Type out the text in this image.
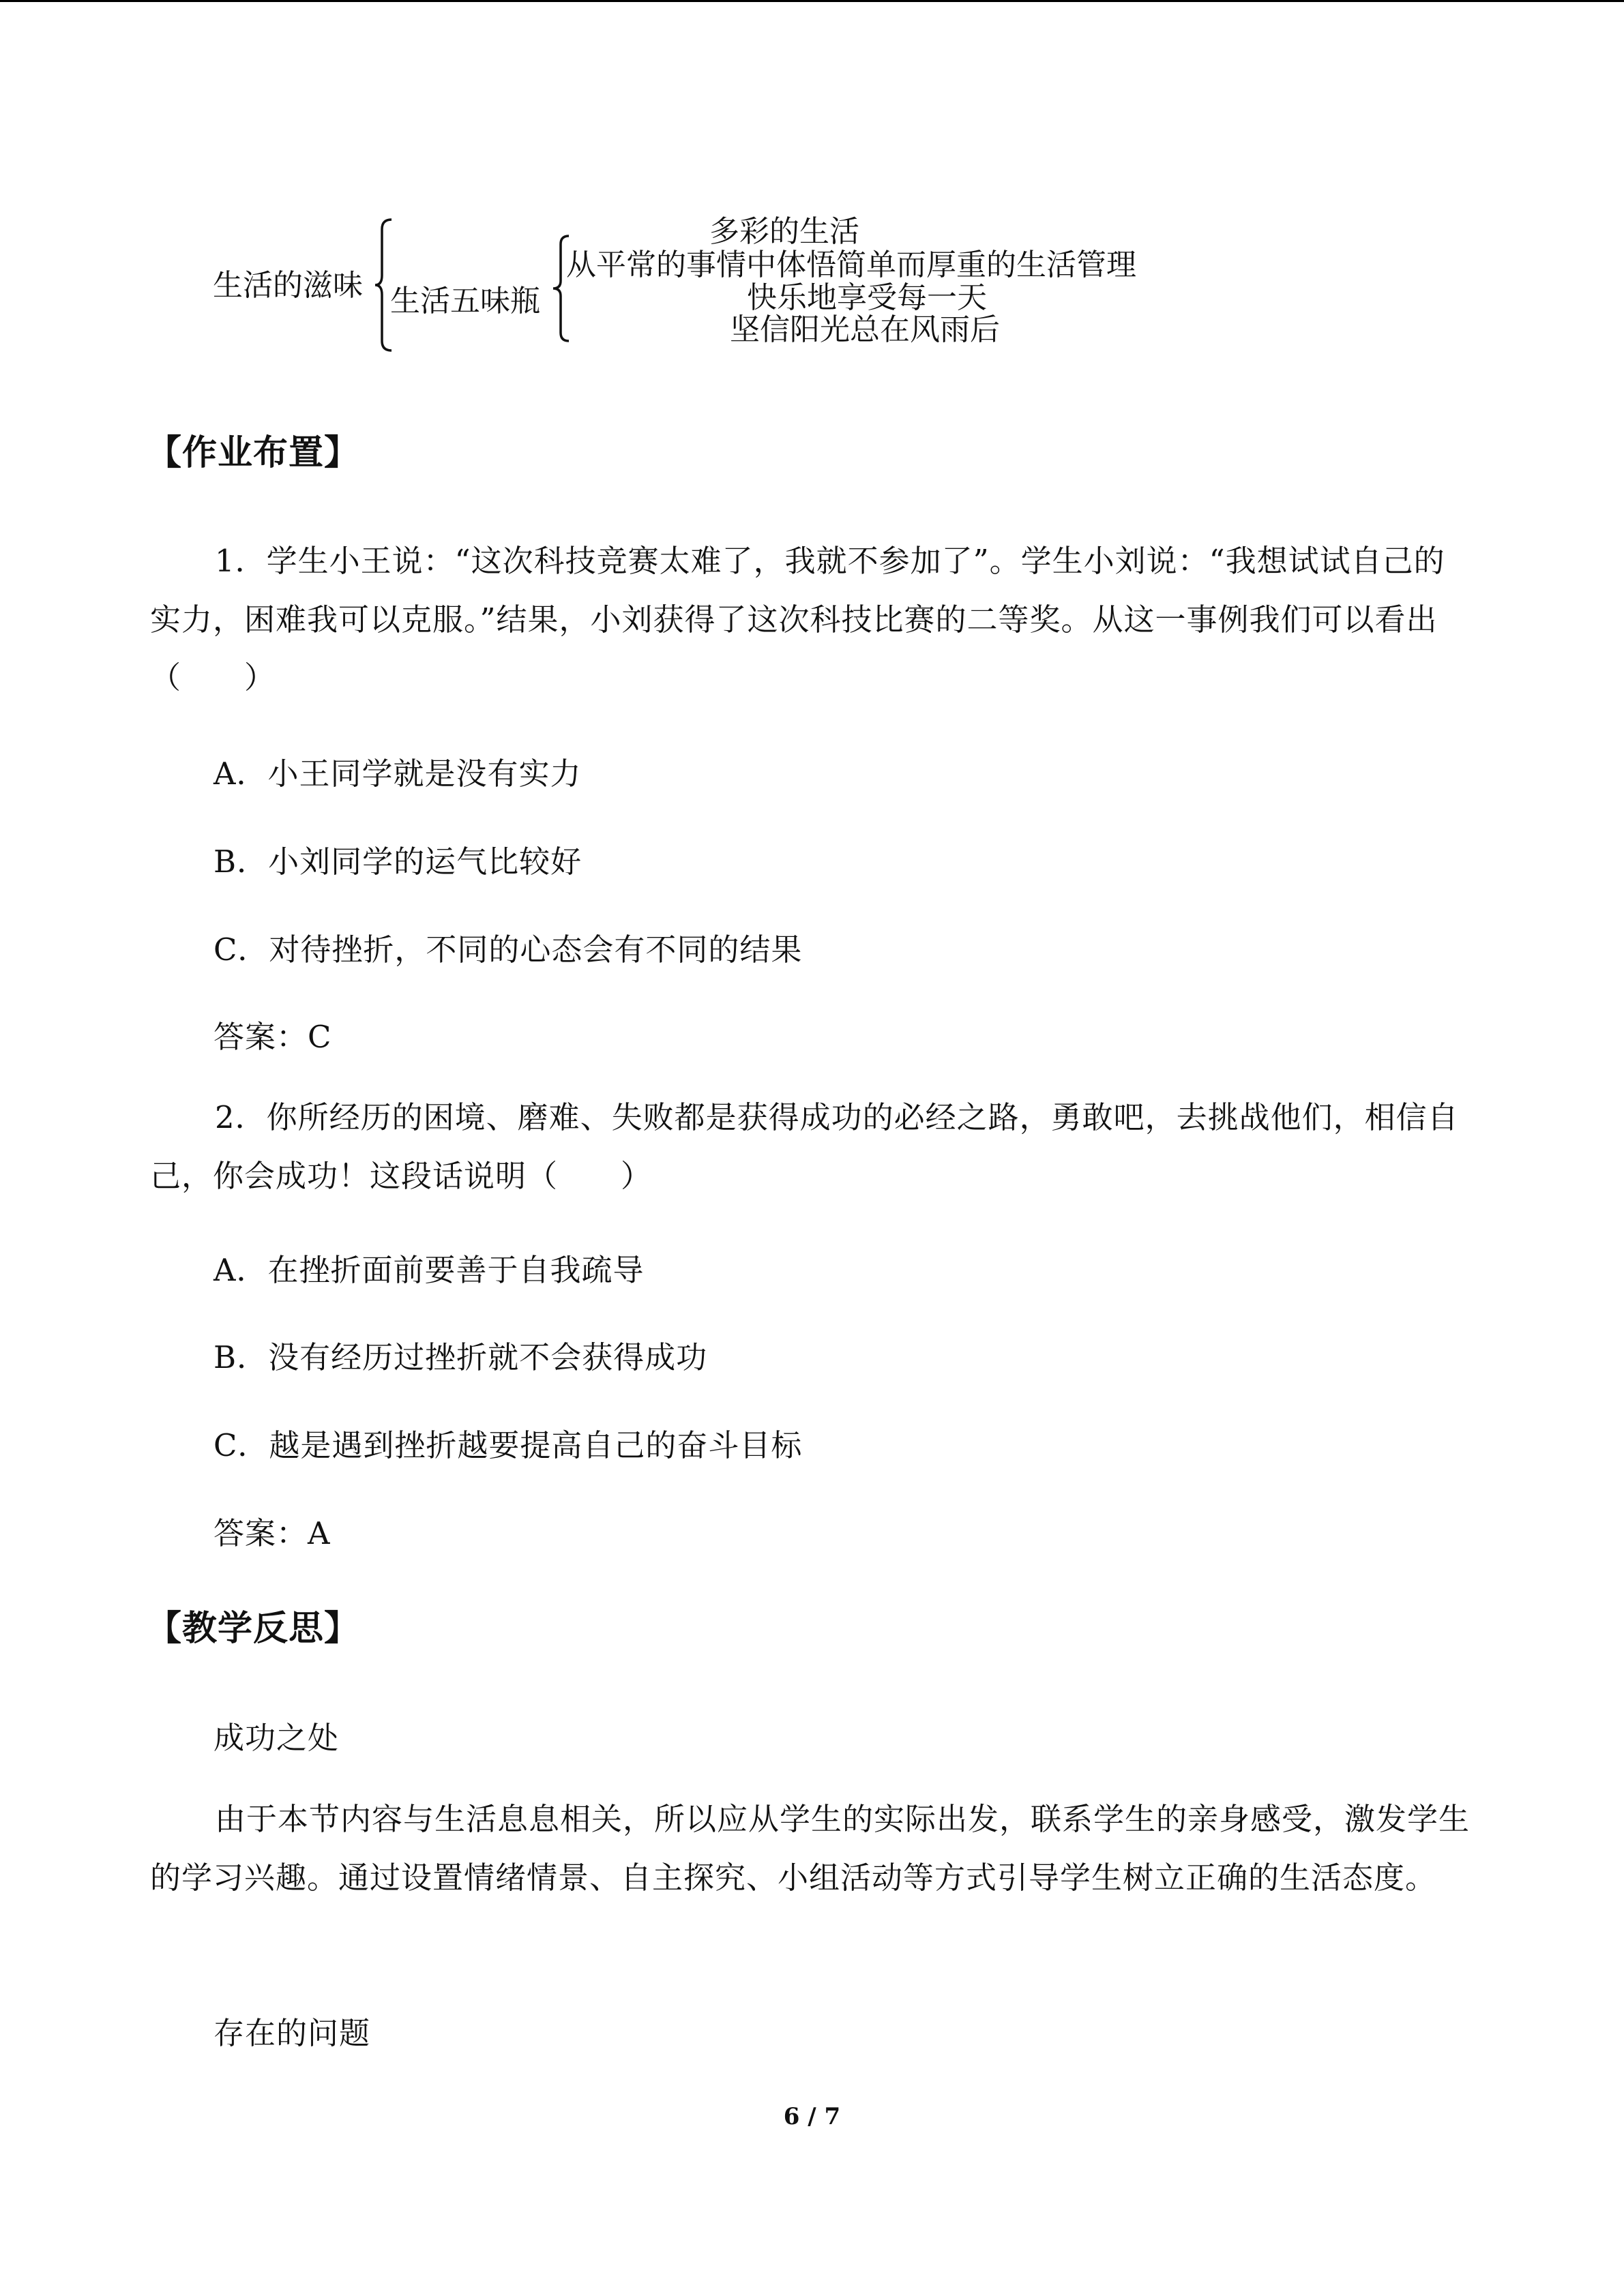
生活的滋味 生活五味瓶
多彩的生活
从平常的事情中体悟简单而厚重的生活管理
快乐地享受每一天
坚信阳光总在风雨后
【作业布置】
1．学生小王说：“这次科技竞赛太难了，我就不参加了”。学生小刘说：“我想试试自己的实力，困难我可以克服。”结果，小刘获得了这次科技比赛的二等奖。从这一事例我们可以看出（　　）
A．小王同学就是没有实力
B．小刘同学的运气比较好
C．对待挫折，不同的心态会有不同的结果
答案：C
2．你所经历的困境、磨难、失败都是获得成功的必经之路，勇敢吧，去挑战他们，相信自己，你会成功！这段话说明（　　）
A．在挫折面前要善于自我疏导
B．没有经历过挫折就不会获得成功
C．越是遇到挫折越要提高自己的奋斗目标
答案：A
【教学反思】
成功之处
由于本节内容与生活息息相关，所以应从学生的实际出发，联系学生的亲身感受，激发学生的学习兴趣。通过设置情绪情景、自主探究、小组活动等方式引导学生树立正确的生活态度。
存在的问题
6 / 7
